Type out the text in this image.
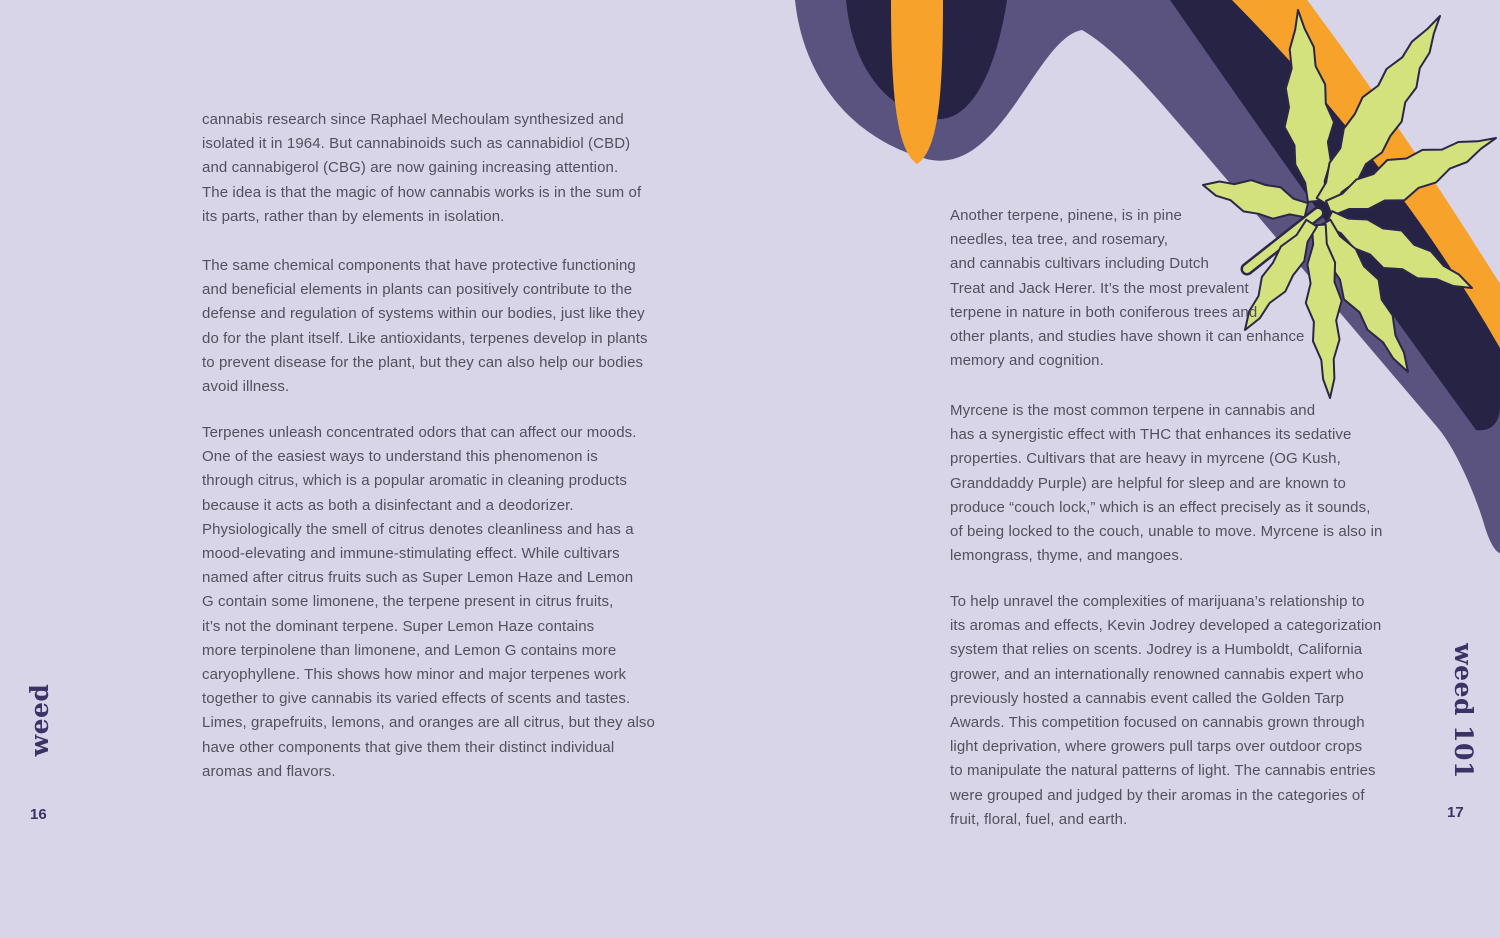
cannabis research since Raphael Mechoulam synthesized and
isolated it in 1964. But cannabinoids such as cannabidiol (CBD)
and cannabigerol (CBG) are now gaining increasing attention.
The idea is that the magic of how cannabis works is in the sum of
its parts, rather than by elements in isolation.
The same chemical components that have protective functioning
and beneficial elements in plants can positively contribute to the
defense and regulation of systems within our bodies, just like they
do for the plant itself. Like antioxidants, terpenes develop in plants
to prevent disease for the plant, but they can also help our bodies
avoid illness.
Terpenes unleash concentrated odors that can affect our moods.
One of the easiest ways to understand this phenomenon is
through citrus, which is a popular aromatic in cleaning products
because it acts as both a disinfectant and a deodorizer.
Physiologically the smell of citrus denotes cleanliness and has a
mood-elevating and immune-stimulating effect. While cultivars
named after citrus fruits such as Super Lemon Haze and Lemon
G contain some limonene, the terpene present in citrus fruits,
it’s not the dominant terpene. Super Lemon Haze contains
more terpinolene than limonene, and Lemon G contains more
caryophyllene. This shows how minor and major terpenes work
together to give cannabis its varied effects of scents and tastes.
Limes, grapefruits, lemons, and oranges are all citrus, but they also
have other components that give them their distinct individual
aromas and flavors.
weed
16
Another terpene, pinene, is in pine
needles, tea tree, and rosemary,
and cannabis cultivars including Dutch
Treat and Jack Herer. It’s the most prevalent
terpene in nature in both coniferous trees and
other plants, and studies have shown it can enhance
memory and cognition.
Myrcene is the most common terpene in cannabis and
has a synergistic effect with THC that enhances its sedative
properties. Cultivars that are heavy in myrcene (OG Kush,
Granddaddy Purple) are helpful for sleep and are known to
produce “couch lock,” which is an effect precisely as it sounds,
of being locked to the couch, unable to move. Myrcene is also in
lemongrass, thyme, and mangoes.
To help unravel the complexities of marijuana’s relationship to
its aromas and effects, Kevin Jodrey developed a categorization
system that relies on scents. Jodrey is a Humboldt, California
grower, and an internationally renowned cannabis expert who
previously hosted a cannabis event called the Golden Tarp
Awards. This competition focused on cannabis grown through
light deprivation, where growers pull tarps over outdoor crops
to manipulate the natural patterns of light. The cannabis entries
were grouped and judged by their aromas in the categories of
fruit, floral, fuel, and earth.
weed 101
17
